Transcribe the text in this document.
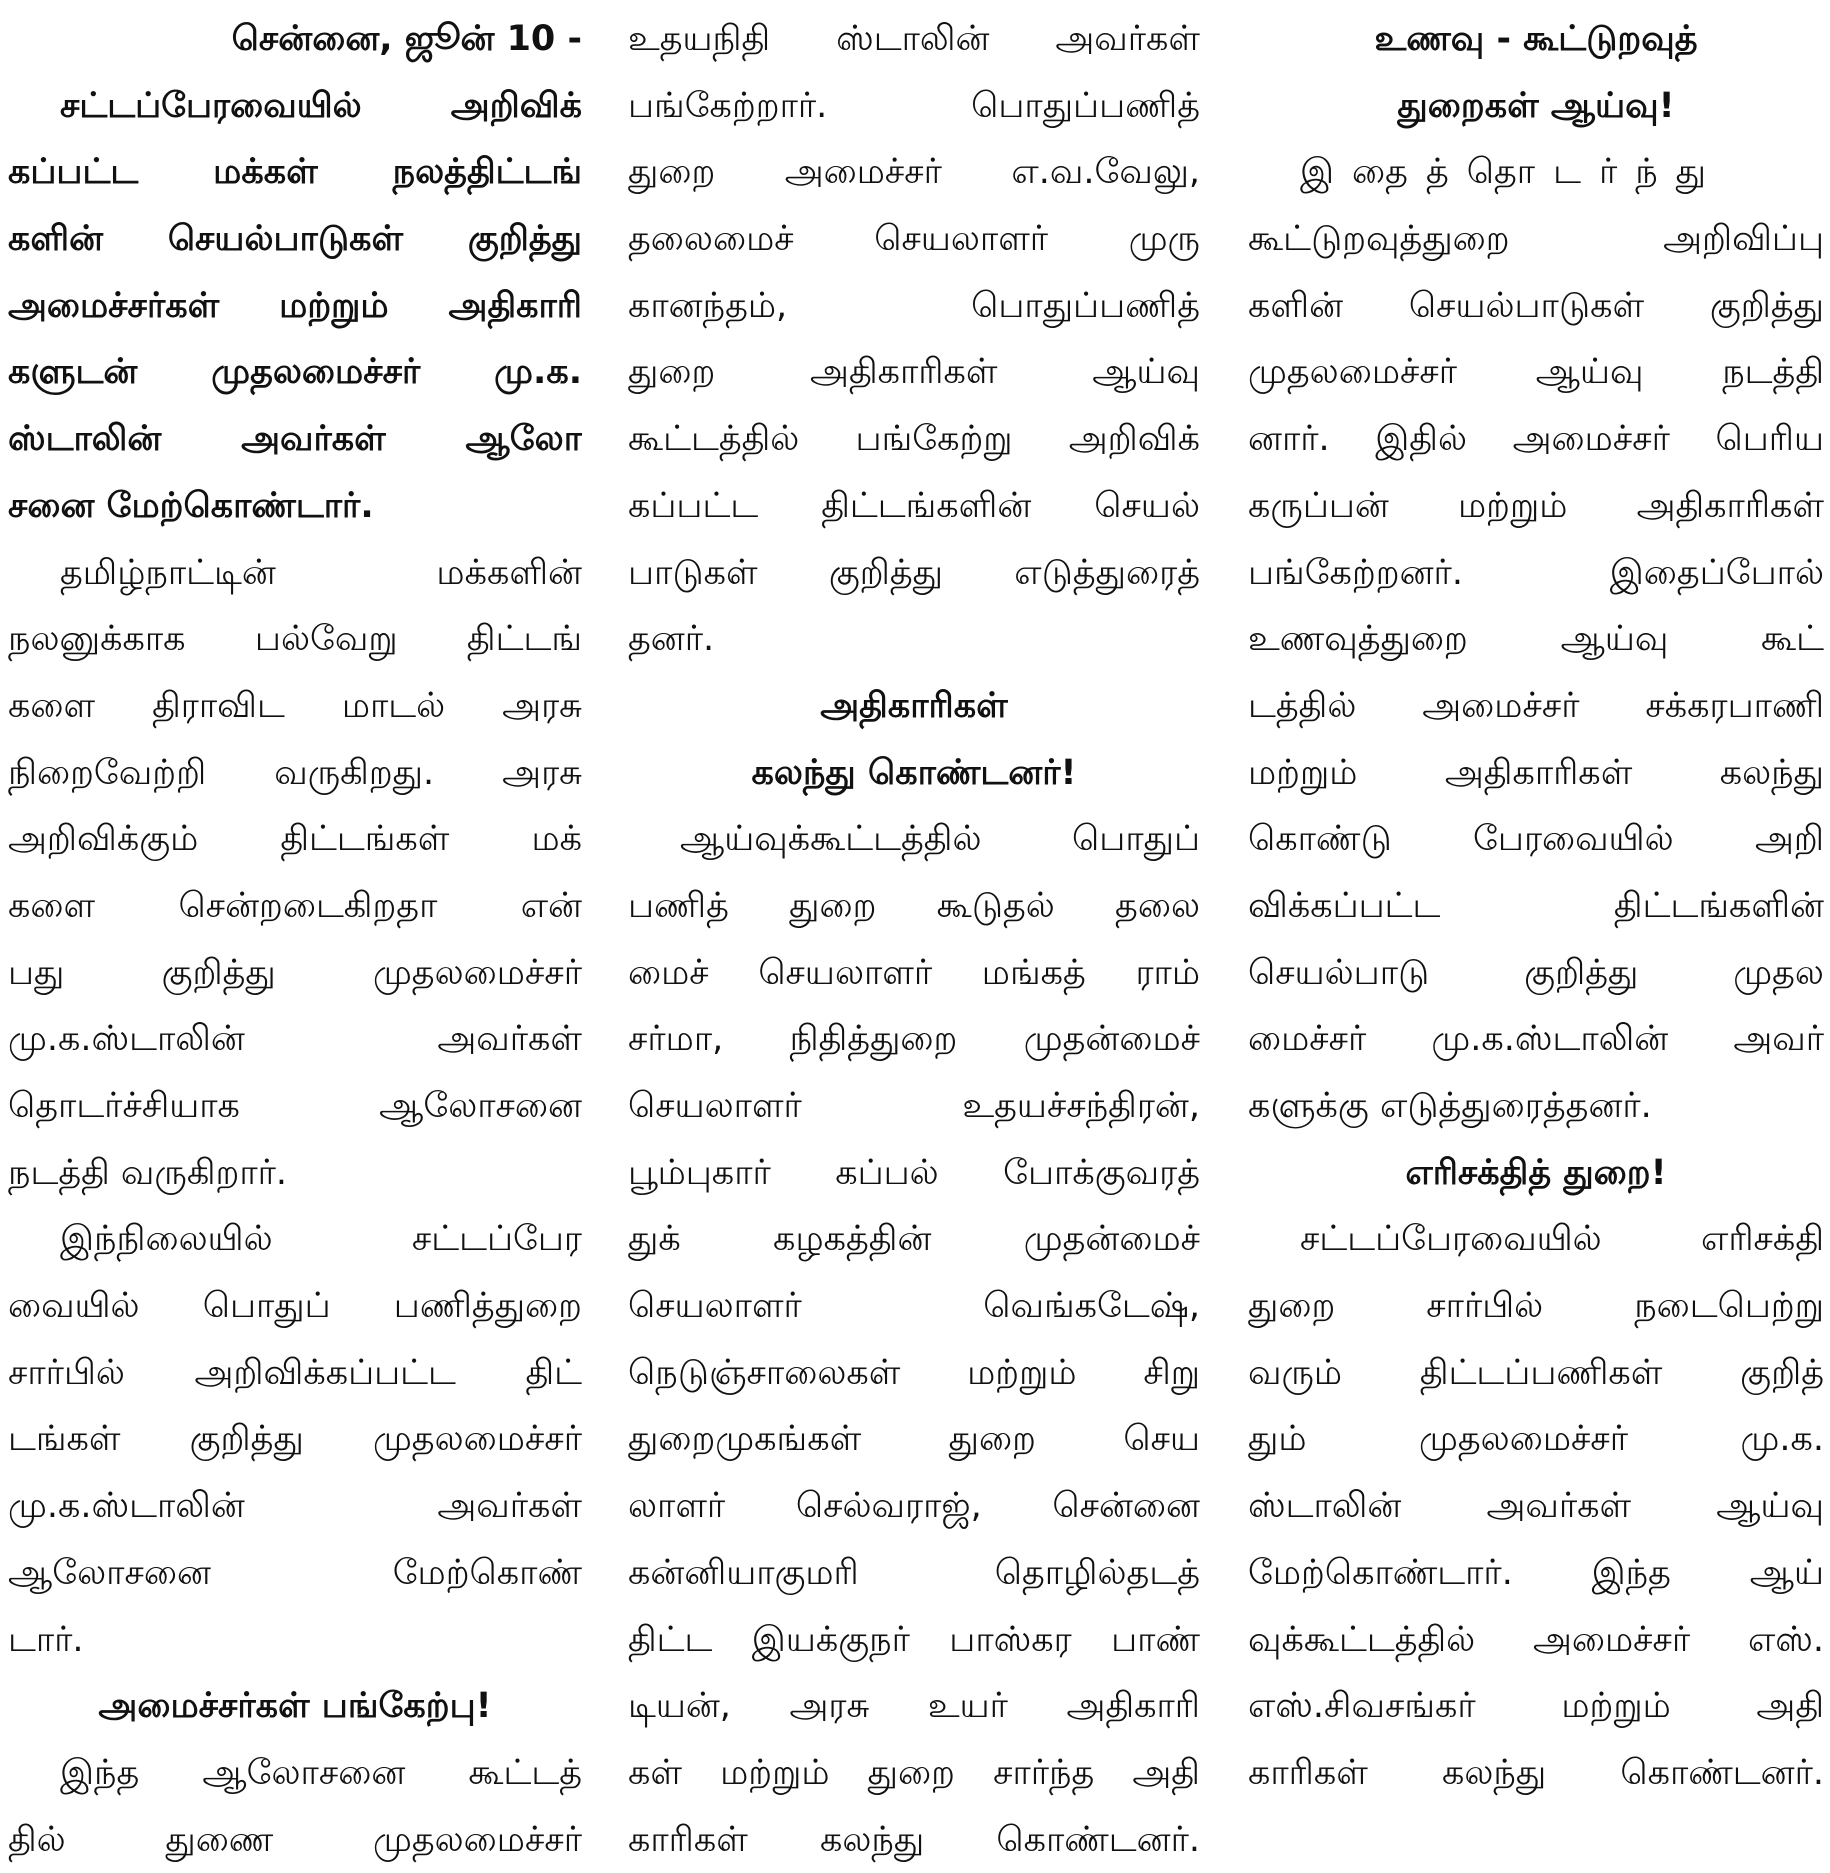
சென்னை, ஜூன் 10 -
சட்டப்பேரவையில் அறிவிக்
கப்பட்ட மக்கள் நலத்திட்டங்
களின் செயல்பாடுகள் குறித்து
அமைச்சர்கள் மற்றும் அதிகாரி
களுடன் முதலமைச்சர் மு.க.
ஸ்டாலின் அவர்கள் ஆலோ
சனை மேற்கொண்டார்.
தமிழ்நாட்டின் மக்களின்
நலனுக்காக பல்வேறு திட்டங்
களை திராவிட மாடல் அரசு
நிறைவேற்றி வருகிறது. அரசு
அறிவிக்கும் திட்டங்கள் மக்
களை சென்றடைகிறதா என்
பது குறித்து முதலமைச்சர்
மு.க.ஸ்டாலின் அவர்கள்
தொடர்ச்சியாக ஆலோசனை
நடத்தி வருகிறார்.
இந்நிலையில் சட்டப்பேர
வையில் பொதுப் பணித்துறை
சார்பில் அறிவிக்கப்பட்ட திட்
டங்கள் குறித்து முதலமைச்சர்
மு.க.ஸ்டாலின் அவர்கள்
ஆலோசனை மேற்கொண்
டார்.
அமைச்சர்கள் பங்கேற்பு!
இந்த ஆலோசனை கூட்டத்
தில் துணை முதலமைச்சர்
உதயநிதி ஸ்டாலின் அவர்கள்
பங்கேற்றார். பொதுப்பணித்
துறை அமைச்சர் எ.வ.வேலு,
தலைமைச் செயலாளர் முரு
கானந்தம், பொதுப்பணித்
துறை அதிகாரிகள் ஆய்வு
கூட்டத்தில் பங்கேற்று அறிவிக்
கப்பட்ட திட்டங்களின் செயல்
பாடுகள் குறித்து எடுத்துரைத்
தனர்.
அதிகாரிகள்
கலந்து கொண்டனர்!
ஆய்வுக்கூட்டத்தில் பொதுப்
பணித் துறை கூடுதல் தலை
மைச் செயலாளர் மங்கத் ராம்
சர்மா, நிதித்துறை முதன்மைச்
செயலாளர் உதயச்சந்திரன்,
பூம்புகார் கப்பல் போக்குவரத்
துக் கழகத்தின் முதன்மைச்
செயலாளர் வெங்கடேஷ்,
நெடுஞ்சாலைகள் மற்றும் சிறு
துறைமுகங்கள் துறை செய
லாளர் செல்வராஜ், சென்னை
கன்னியாகுமரி தொழில்தடத்
திட்ட இயக்குநர் பாஸ்கர பாண்
டியன், அரசு உயர் அதிகாரி
கள் மற்றும் துறை சார்ந்த அதி
காரிகள் கலந்து கொண்டனர்.
உணவு - கூட்டுறவுத்
துறைகள் ஆய்வு!
இதைத்தொடர்ந்து
கூட்டுறவுத்துறை அறிவிப்பு
களின் செயல்பாடுகள் குறித்து
முதலமைச்சர் ஆய்வு நடத்தி
னார். இதில் அமைச்சர் பெரிய
கருப்பன் மற்றும் அதிகாரிகள்
பங்கேற்றனர். இதைப்போல்
உணவுத்துறை ஆய்வு கூட்
டத்தில் அமைச்சர் சக்கரபாணி
மற்றும் அதிகாரிகள் கலந்து
கொண்டு பேரவையில் அறி
விக்கப்பட்ட திட்டங்களின்
செயல்பாடு குறித்து முதல
மைச்சர் மு.க.ஸ்டாலின் அவர்
களுக்கு எடுத்துரைத்தனர்.
எரிசக்தித் துறை!
சட்டப்பேரவையில் எரிசக்தி
துறை சார்பில் நடைபெற்று
வரும் திட்டப்பணிகள் குறித்
தும் முதலமைச்சர் மு.க.
ஸ்டாலின் அவர்கள் ஆய்வு
மேற்கொண்டார். இந்த ஆய்
வுக்கூட்டத்தில் அமைச்சர் எஸ்.
எஸ்.சிவசங்கர் மற்றும் அதி
காரிகள் கலந்து கொண்டனர்.
